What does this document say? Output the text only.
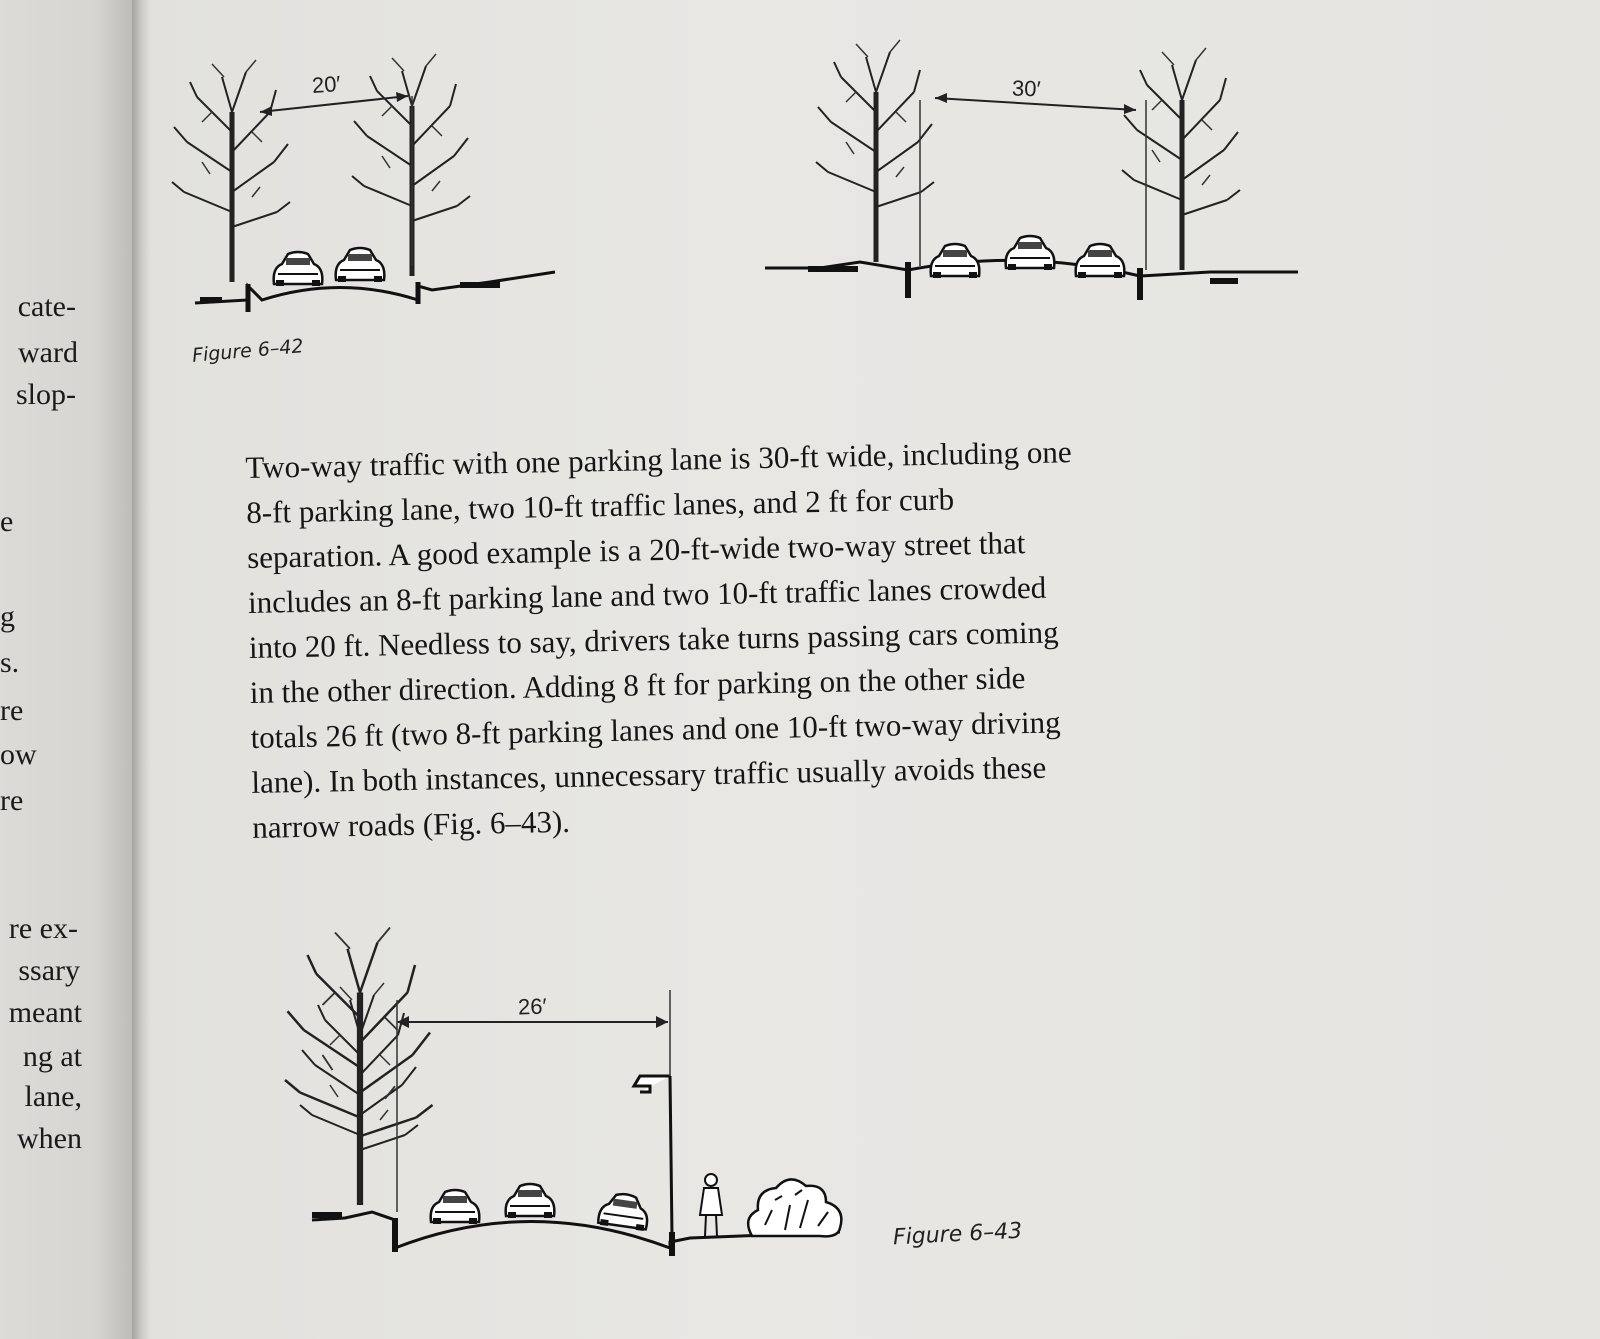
cate-
ward
slop-
e
g
s.
re
ow
re
re ex-
ssary
meant
ng at
lane,
when
20′	30′
Figure 6–42
Two-way traffic with one parking lane is 30-ft wide, including one
8-ft parking lane, two 10-ft traffic lanes, and 2 ft for curb
separation. A good example is a 20-ft-wide two-way street that
includes an 8-ft parking lane and two 10-ft traffic lanes crowded
into 20 ft. Needless to say, drivers take turns passing cars coming
in the other direction. Adding 8 ft for parking on the other side
totals 26 ft (two 8-ft parking lanes and one 10-ft two-way driving
lane). In both instances, unnecessary traffic usually avoids these
narrow roads (Fig. 6–43).
26′
Figure 6–43
